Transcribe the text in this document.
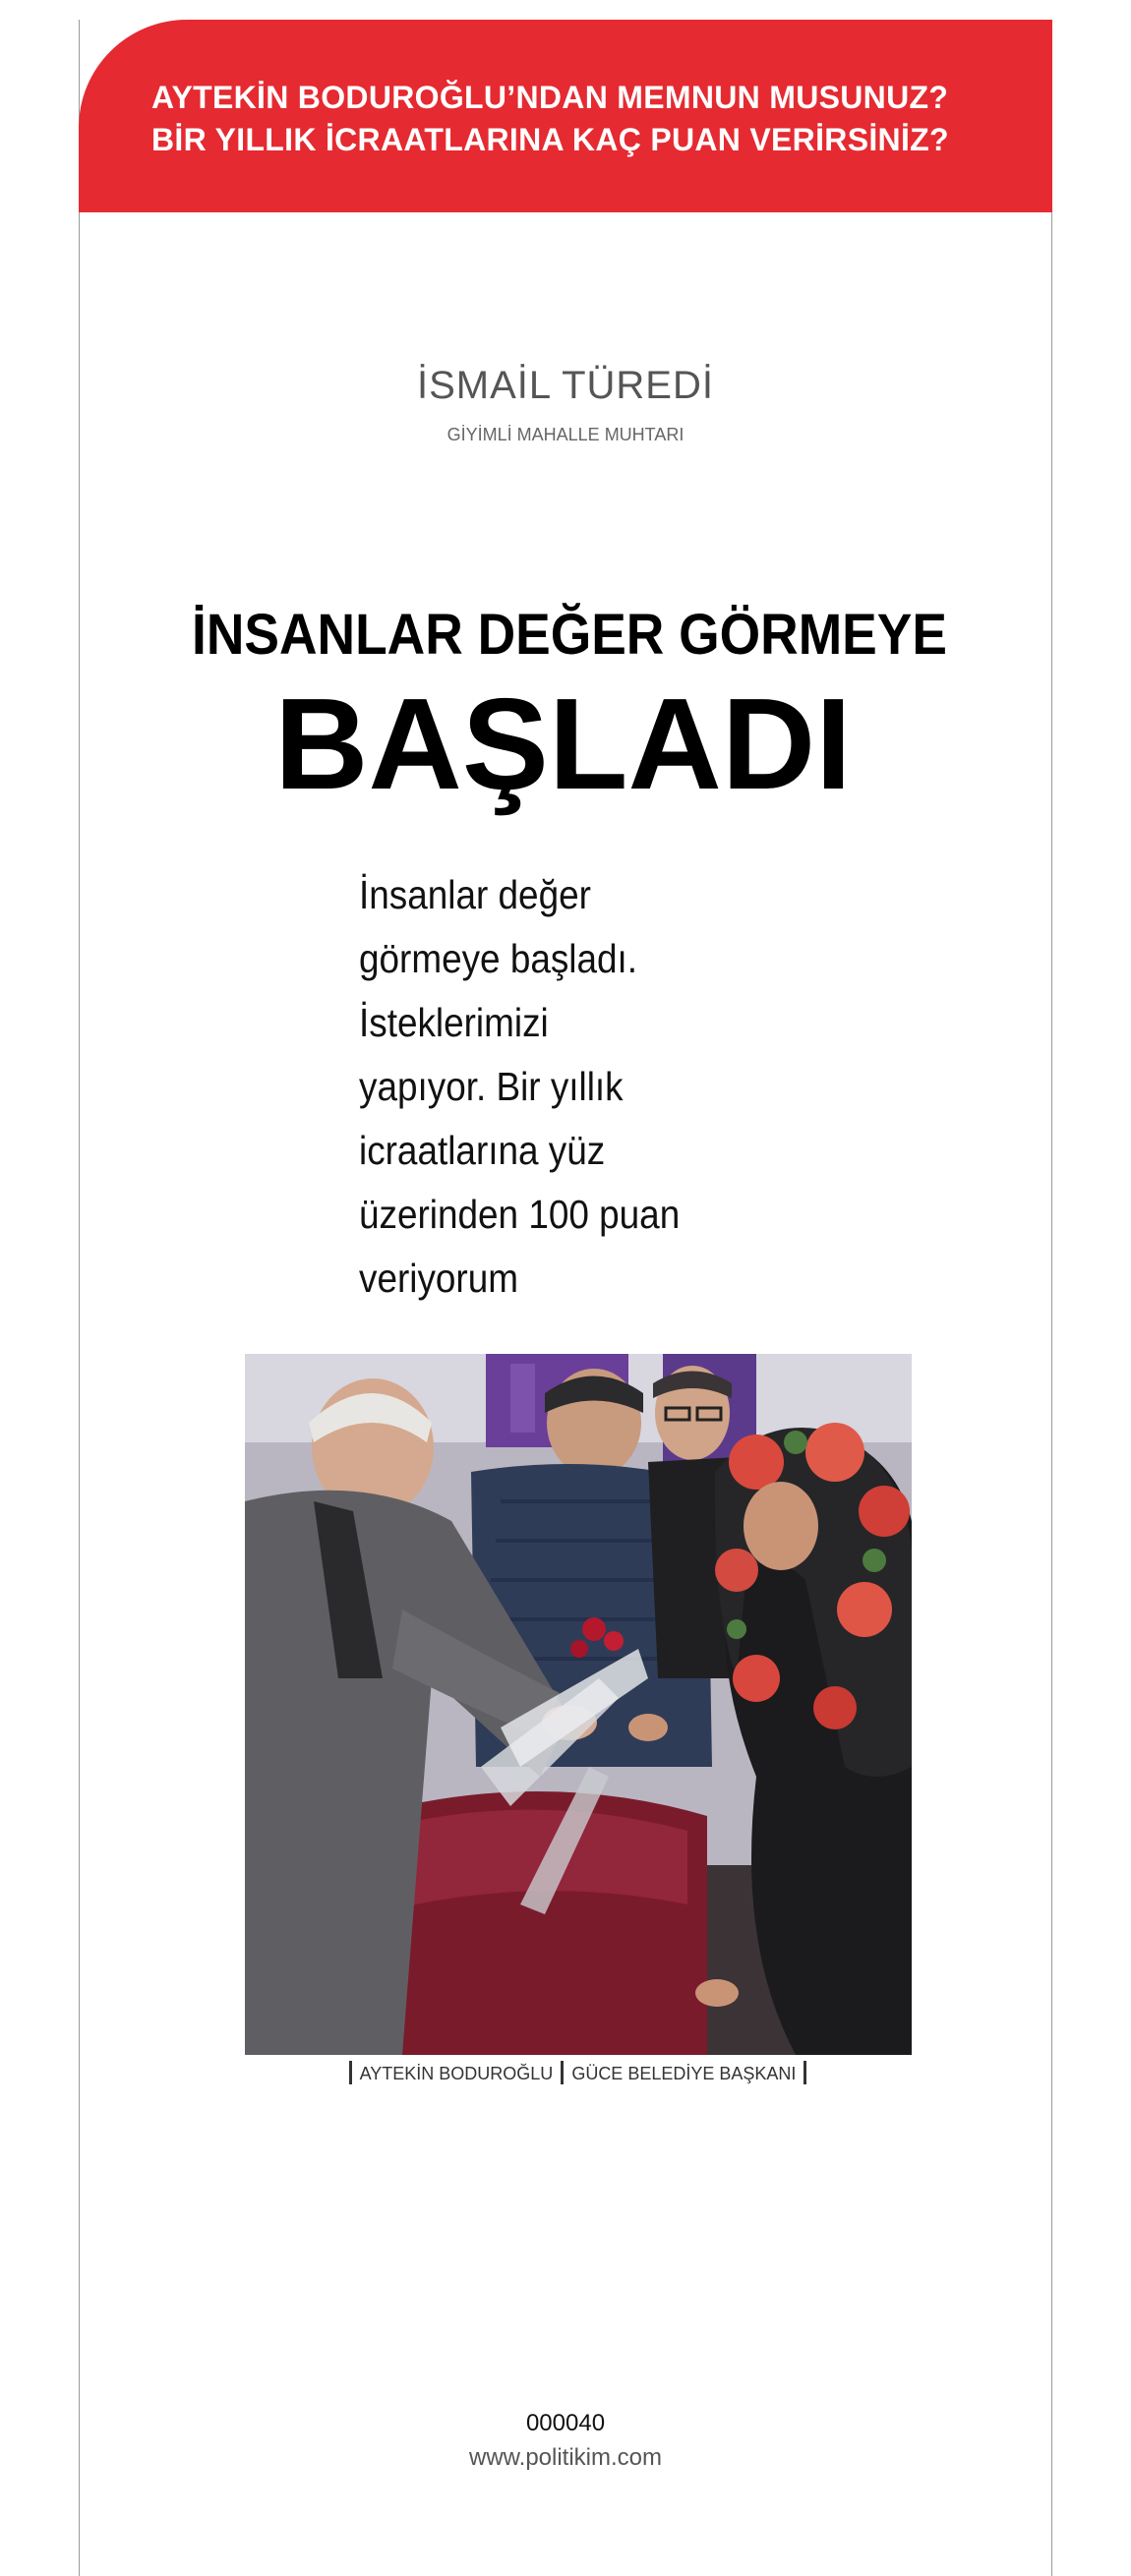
AYTEKİN BODUROĞLU’NDAN MEMNUN MUSUNUZ?
BİR YILLIK İCRAATLARINA KAÇ PUAN VERİRSİNİZ?
İSMAİL TÜREDİ
GİYİMLİ MAHALLE MUHTARI
İNSANLAR DEĞER GÖRMEYE
BAŞLADI

İnsanlar değer
görmeye başladı.
İsteklerimizi
yapıyor. Bir yıllık
icraatlarına yüz
üzerinden 100 puan
veriyorum

AYTEKİN BODUROĞLU GÜCE BELEDİYE BAŞKANI
000040
www.politikim.com
